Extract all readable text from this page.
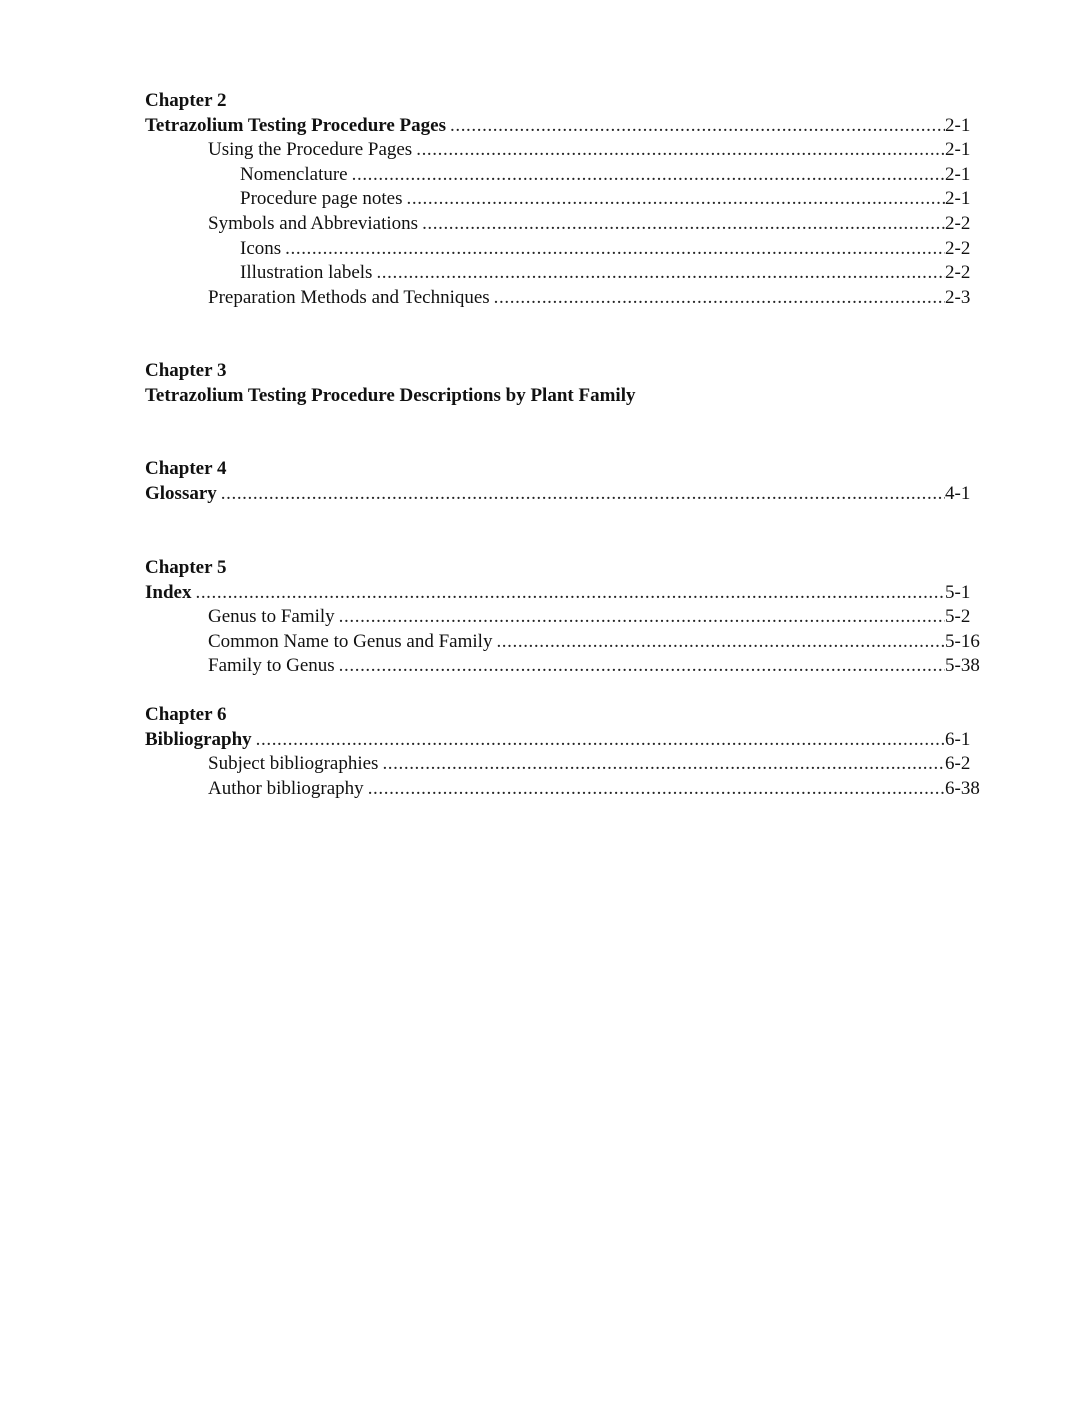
Chapter 2
Tetrazolium Testing Procedure Pages .....	2-1
Using the Procedure Pages .....	2-1
Nomenclature .....	2-1
Procedure page notes .....	2-1
Symbols and Abbreviations .....	2-2
Icons .....	2-2
Illustration labels .....	2-2
Preparation Methods and Techniques .....	2-3
Chapter 3
Tetrazolium Testing Procedure Descriptions by Plant Family
Chapter 4
Glossary .....	4-1
Chapter 5
Index .....	5-1
Genus to Family .....	5-2
Common Name to Genus and Family .....	5-16
Family to Genus .....	5-38
Chapter 6
Bibliography .....	6-1
Subject bibliographies .....	6-2
Author bibliography .....	6-38
